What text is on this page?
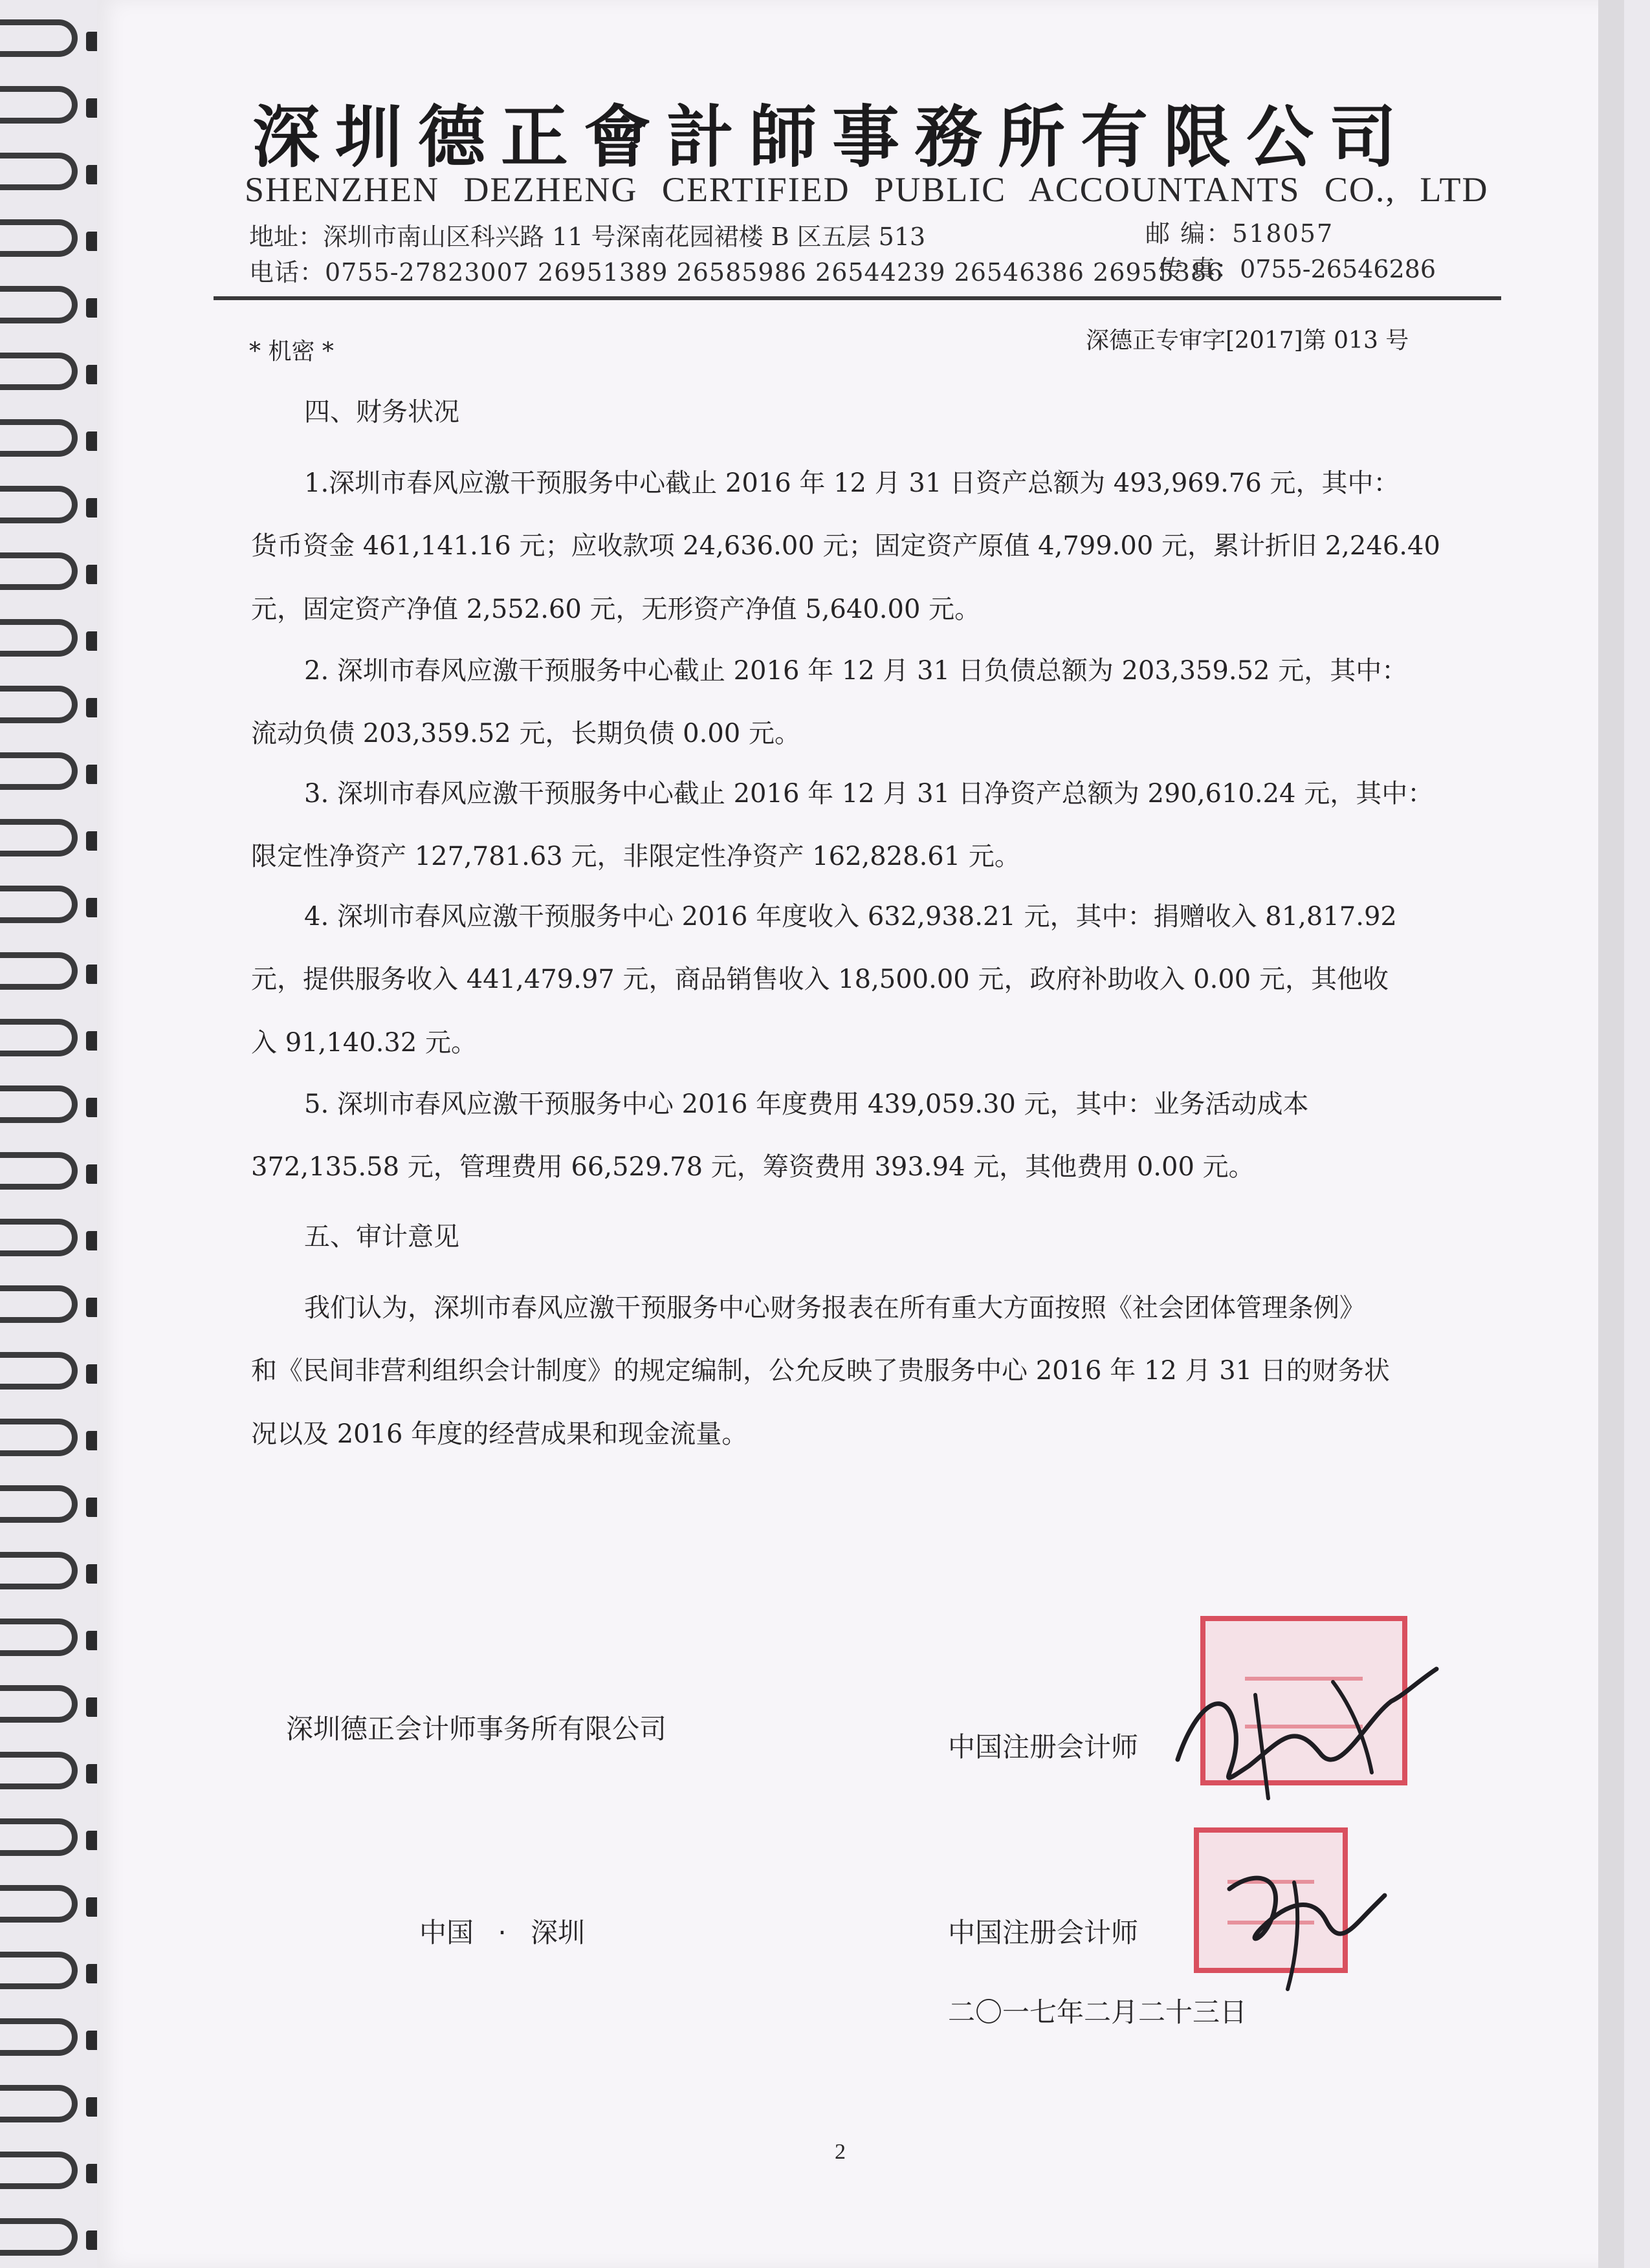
深圳德正會計師事務所有限公司
SHENZHEN DEZHENG CERTIFIED PUBLIC ACCOUNTANTS CO., LTD
地址：深圳市南山区科兴路 11 号深南花园裙楼 B 区五层 513	邮 编：518057
电话：0755-27823007 26951389 26585986 26544239 26546386 26955386
传 真：0755-26546286
* 机密 *	深德正专审字[2017]第 013 号
四、财务状况
1.深圳市春风应激干预服务中心截止 2016 年 12 月 31 日资产总额为 493,969.76 元，其中：
货币资金 461,141.16 元；应收款项 24,636.00 元；固定资产原值 4,799.00 元，累计折旧 2,246.40
元，固定资产净值 2,552.60 元，无形资产净值 5,640.00 元。
2. 深圳市春风应激干预服务中心截止 2016 年 12 月 31 日负债总额为 203,359.52 元，其中：
流动负债 203,359.52 元，长期负债 0.00 元。
3. 深圳市春风应激干预服务中心截止 2016 年 12 月 31 日净资产总额为 290,610.24 元，其中：
限定性净资产 127,781.63 元，非限定性净资产 162,828.61 元。
4. 深圳市春风应激干预服务中心 2016 年度收入 632,938.21 元，其中：捐赠收入 81,817.92
元，提供服务收入 441,479.97 元，商品销售收入 18,500.00 元，政府补助收入 0.00 元，其他收
入 91,140.32 元。
5. 深圳市春风应激干预服务中心 2016 年度费用 439,059.30 元，其中：业务活动成本
372,135.58 元，管理费用 66,529.78 元，筹资费用 393.94 元，其他费用 0.00 元。
五、审计意见
我们认为，深圳市春风应激干预服务中心财务报表在所有重大方面按照《社会团体管理条例》
和《民间非营利组织会计制度》的规定编制，公允反映了贵服务中心 2016 年 12 月 31 日的财务状
况以及 2016 年度的经营成果和现金流量。
深圳德正会计师事务所有限公司
中国注册会计师
中国 · 深圳	中国注册会计师
二〇一七年二月二十三日
2
